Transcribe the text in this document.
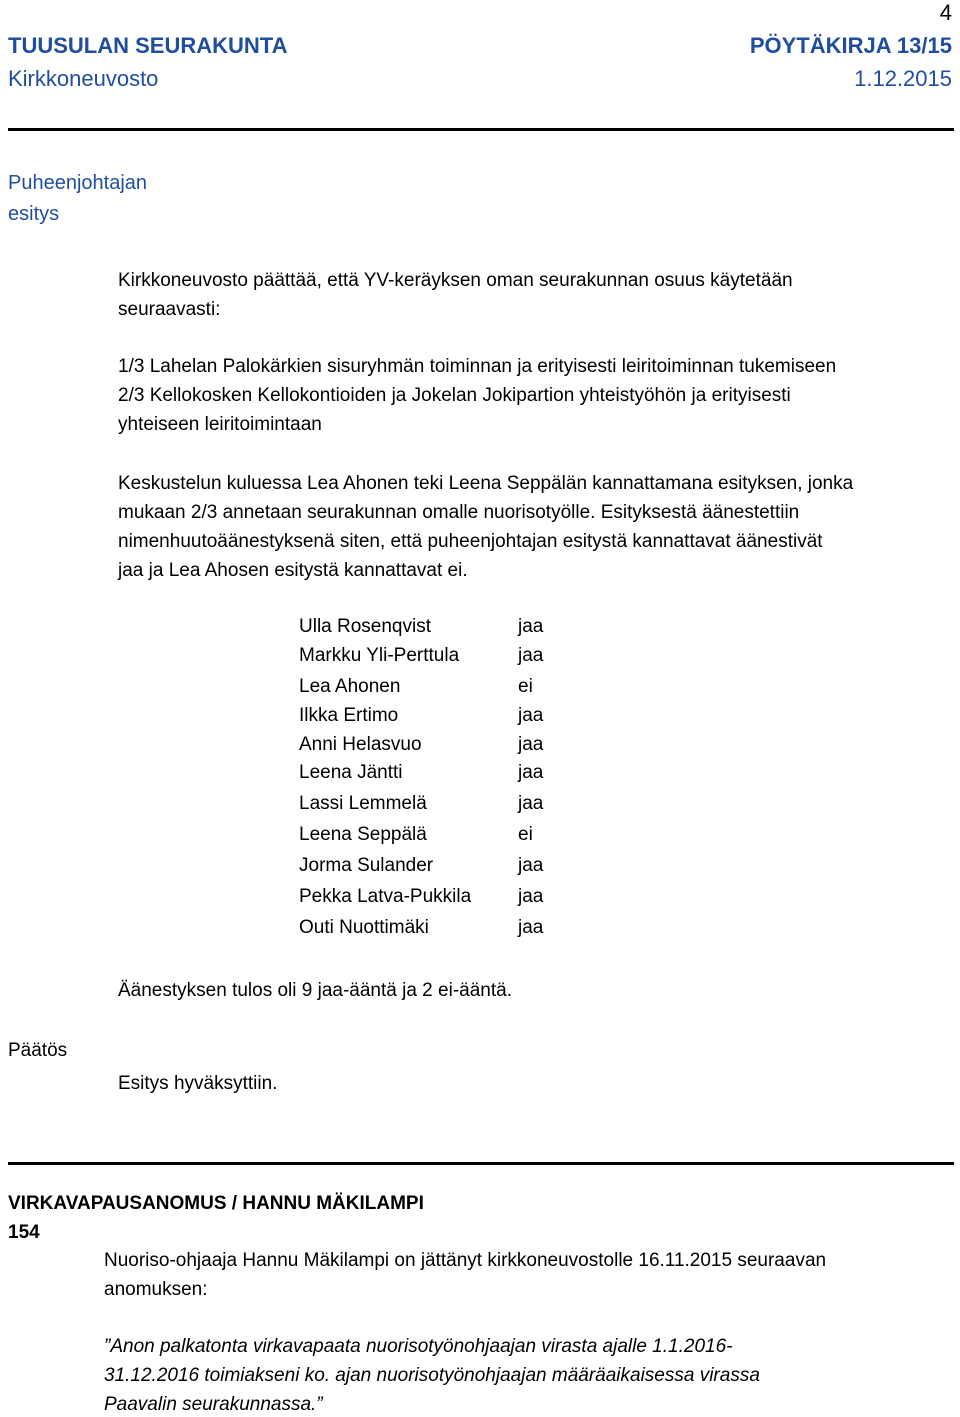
4
TUUSULAN SEURAKUNTA	PÖYTÄKIRJA 13/15
Kirkkoneuvosto	1.12.2015
Puheenjohtajan
esitys
Kirkkoneuvosto päättää, että YV-keräyksen oman seurakunnan osuus käytetään
seuraavasti:
1/3 Lahelan Palokärkien sisuryhmän toiminnan ja erityisesti leiritoiminnan tukemiseen
2/3 Kellokosken Kellokontioiden ja Jokelan Jokipartion yhteistyöhön ja erityisesti
yhteiseen leiritoimintaan
Keskustelun kuluessa Lea Ahonen teki Leena Seppälän kannattamana esityksen, jonka
mukaan 2/3 annetaan seurakunnan omalle nuorisotyölle. Esityksestä äänestettiin
nimenhuutoäänestyksenä siten, että puheenjohtajan esitystä kannattavat äänestivät
jaa ja Lea Ahosen esitystä kannattavat ei.
Ulla Rosenqvist	jaa
Markku Yli-Perttula	jaa
Lea Ahonen	ei
Ilkka Ertimo	jaa
Anni Helasvuo	jaa
Leena Jäntti	jaa
Lassi Lemmelä	jaa
Leena Seppälä	ei
Jorma Sulander	jaa
Pekka Latva-Pukkila jaa
Outi Nuottimäki	jaa
Äänestyksen tulos oli 9 jaa-ääntä ja 2 ei-ääntä.
Päätös
Esitys hyväksyttiin.
VIRKAVAPAUSANOMUS / HANNU MÄKILAMPI
154
Nuoriso-ohjaaja Hannu Mäkilampi on jättänyt kirkkoneuvostolle 16.11.2015 seuraavan
anomuksen:
”Anon palkatonta virkavapaata nuorisotyönohjaajan virasta ajalle 1.1.2016-
31.12.2016 toimiakseni ko. ajan nuorisotyönohjaajan määräaikaisessa virassa
Paavalin seurakunnassa.”
